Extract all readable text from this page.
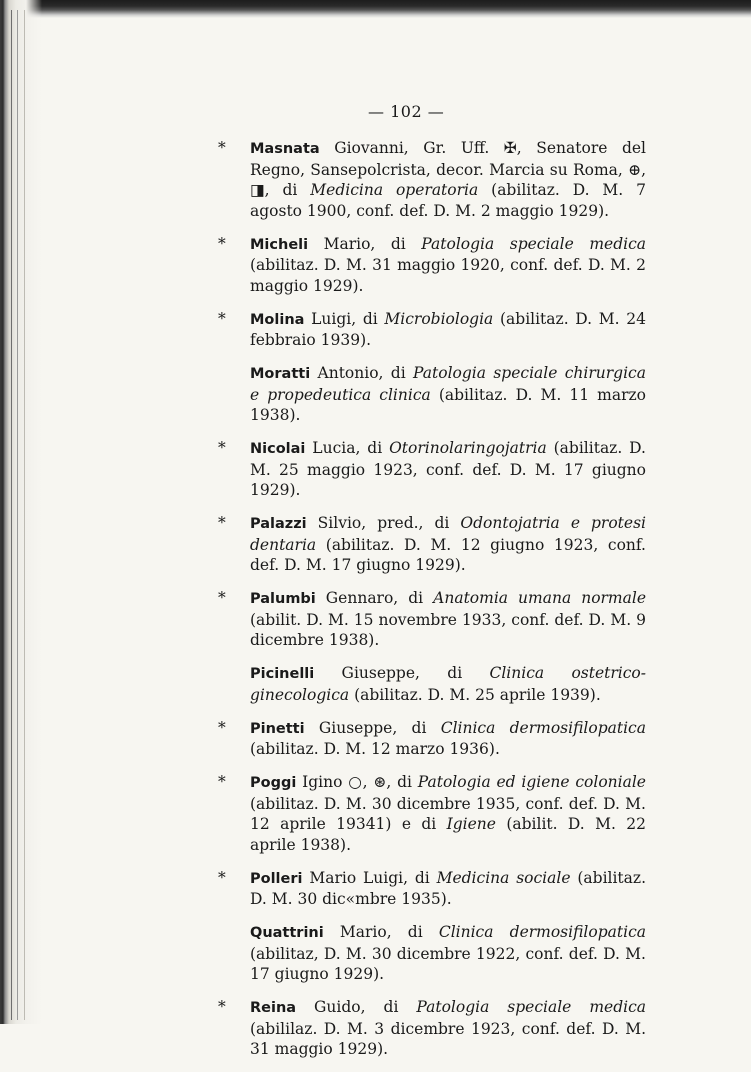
— 102 —
* Masnata Giovanni, Gr. Uff. ✠, Senatore del Regno, Sansepolcrista, decor. Marcia su Roma, ⊕, ◨, di Medicina operatoria (abilitaz. D. M. 7 agosto 1900, conf. def. D. M. 2 maggio 1929).
* Micheli Mario, di Patologia speciale medica (abilitaz. D. M. 31 maggio 1920, conf. def. D. M. 2 maggio 1929).
* Molina Luigi, di Microbiologia (abilitaz. D. M. 24 febbraio 1939).
Moratti Antonio, di Patologia speciale chirurgica e propedeutica clinica (abilitaz. D. M. 11 marzo 1938).
* Nicolai Lucia, di Otorinolaringojatria (abilitaz. D. M. 25 maggio 1923, conf. def. D. M. 17 giugno 1929).
* Palazzi Silvio, pred., di Odontojatria e protesi dentaria (abilitaz. D. M. 12 giugno 1923, conf. def. D. M. 17 giugno 1929).
* Palumbi Gennaro, di Anatomia umana normale (abilit. D. M. 15 novembre 1933, conf. def. D. M. 9 dicembre 1938).
Picinelli Giuseppe, di Clinica ostetrico-ginecologica (abilitaz. D. M. 25 aprile 1939).
* Pinetti Giuseppe, di Clinica dermosifilopatica (abilitaz. D. M. 12 marzo 1936).
* Poggi Igino ○, ⊛, di Patologia ed igiene coloniale (abilitaz. D. M. 30 dicembre 1935, conf. def. D. M. 12 aprile 19341) e di Igiene (abilit. D. M. 22 aprile 1938).
* Polleri Mario Luigi, di Medicina sociale (abilitaz. D. M. 30 dic«mbre 1935).
Quattrini Mario, di Clinica dermosifilopatica (abilitaz, D. M. 30 dicembre 1922, conf. def. D. M. 17 giugno 1929).
* Reina Guido, di Patologia speciale medica (abililaz. D. M. 3 dicembre 1923, conf. def. D. M. 31 maggio 1929).
